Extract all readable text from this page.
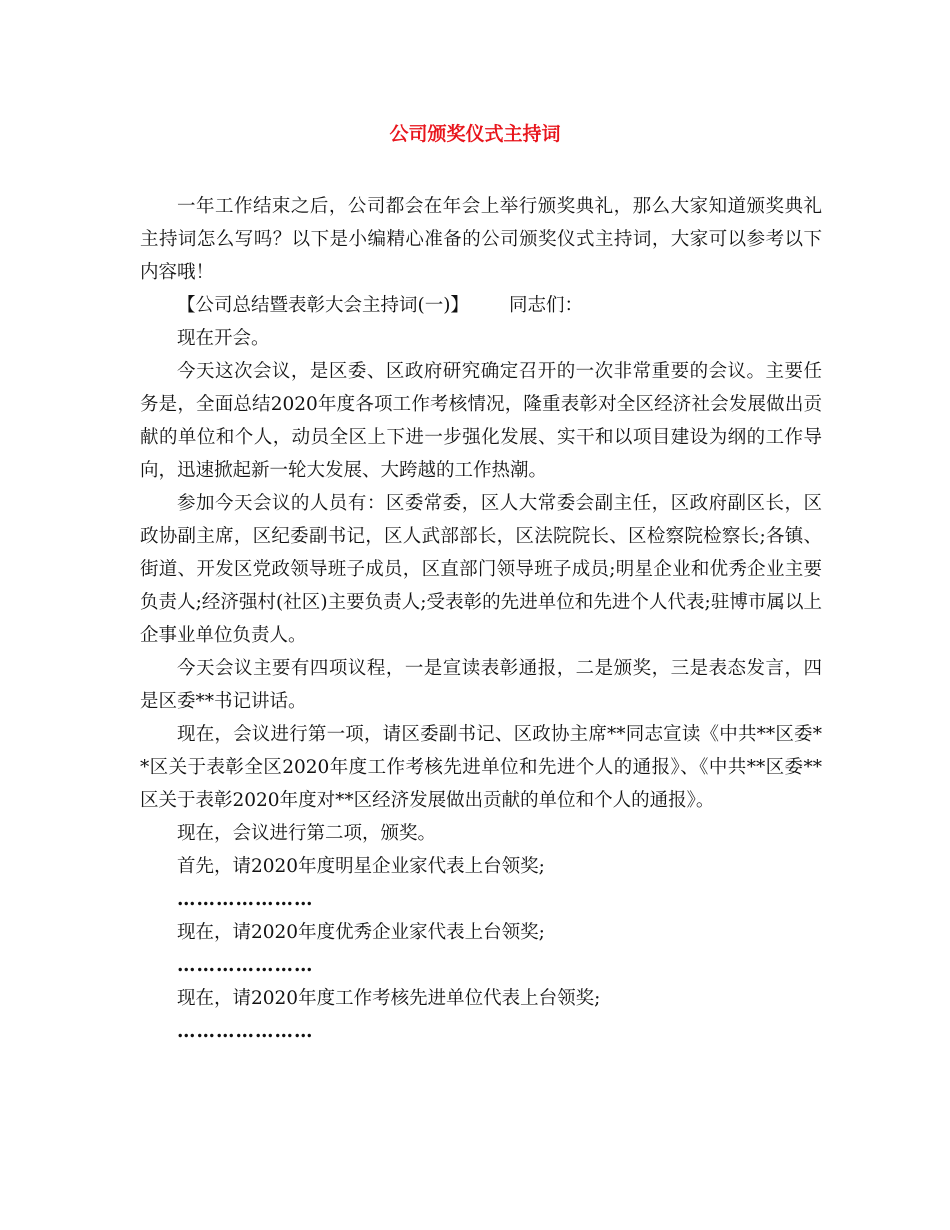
公司颁奖仪式主持词

一年工作结束之后，公司都会在年会上举行颁奖典礼，那么大家知道颁奖典礼主持词怎么写吗？以下是小编精心准备的公司颁奖仪式主持词，大家可以参考以下内容哦！

【公司总结暨表彰大会主持词(一)】 同志们：

现在开会。

今天这次会议，是区委、区政府研究确定召开的一次非常重要的会议。主要任务是，全面总结2020年度各项工作考核情况，隆重表彰对全区经济社会发展做出贡献的单位和个人，动员全区上下进一步强化发展、实干和以项目建设为纲的工作导向，迅速掀起新一轮大发展、大跨越的工作热潮。

参加今天会议的人员有：区委常委，区人大常委会副主任，区政府副区长，区政协副主席，区纪委副书记，区人武部部长，区法院院长、区检察院检察长;各镇、街道、开发区党政领导班子成员，区直部门领导班子成员;明星企业和优秀企业主要负责人;经济强村(社区)主要负责人;受表彰的先进单位和先进个人代表;驻博市属以上企事业单位负责人。

今天会议主要有四项议程，一是宣读表彰通报，二是颁奖，三是表态发言，四是区委**书记讲话。

现在，会议进行第一项，请区委副书记、区政协主席**同志宣读《中共**区委**区关于表彰全区2020年度工作考核先进单位和先进个人的通报》、《中共**区委**区关于表彰2020年度对**区经济发展做出贡献的单位和个人的通报》。

现在，会议进行第二项，颁奖。

首先，请2020年度明星企业家代表上台领奖;

…………………

现在，请2020年度优秀企业家代表上台领奖;

…………………

现在，请2020年度工作考核先进单位代表上台领奖;

…………………
